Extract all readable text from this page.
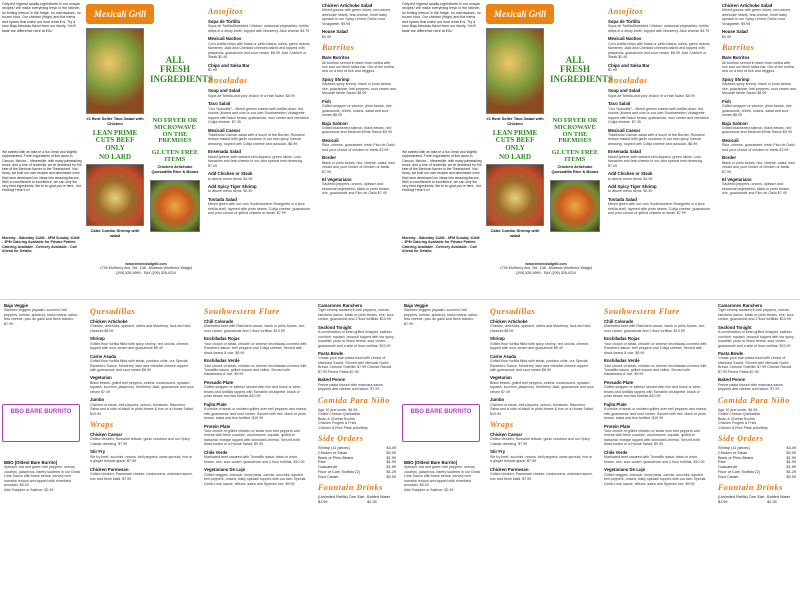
Only the highest quality ingredients in our unique recipes! We make everything fresh in the kitchen, no boiling lettuce in the fridge, no microwaves, no frozen food. Our chicken (thigh) and the herbs and spices that make our food what it is. Try a new Baja Mexican flavor from our family. You'll taste the difference here at Elio.
We started with an idea of a fun, fresh and slightly sophisticated. Fresh ingredients of fish tacos in Cancun, Mexico... Meanwhile, with many painstaking hours, and a love of creativity, we've searched for the best of the Mexican flavors in the 'Restaurant'. Not fancy, we built our own recipes and developed ones that have developed our ideas into amazing flavors. With a commitment to excellence, we can only the very best ingredients. We're so glad you're here - the Holding! Here it is!
Monday - Saturday 11AM - 8PM Sunday 11AM - 3PM Catering Available for Private Parties. Catering Available - Delivery Available - Call Ahead for Details.
Mexicali Grill
ALL FRESH INGREDIENTS
#1 Best Seller Taco Salad with Chicken
LEAN PRIME CUTS BEEF ONLY
Chicken Artichoke Quesadilla Rice & Beans
NO LARD
NO FRYER OR MICROWAVE ON THE PREMISES
GLUTEN FREE ITEMS
Cabo Combo Shrimp with salad
www.elmexicaligrill.com
1700 McHenry Ave, Ste. 138 - Modesto (McHenry Village)
(209) 526-9999 - FAX (209) 526-0224
Antojitos
Sopa de Tortilla
Sopa de TortillaShredded Chicken, seasonal vegetables, tortilla strips in a zesty broth, topped with Monterey Jack cheese $4.79
Mexicali Nachos
Corn tortilla chips with black or pinto beans, salsa, green onions, Monterey Jack and Cheddar cheeses baked and topped with jalapenos, guacamole and sour cream. $6.99. Add Chicken or Steak $2.49
Chips and Salsa Bar
$1.99
Ensaladas
Soup and Salad
Sopa de Tortilla and your choice of a Half Salad. $8.99
Taco Salad
"Our Specialty" - Mixed greens tossed with tortilla chips, red onions, jicama and corn in our own Southwestern Vinaigrette topped with black beans, guacamole, sour cream and crumbled Cotija cheese. $7.49
Mexicali Caesar
Traditional Caesar salad with a touch of the Border. Romaine lettuce tossed with garlic croutons in our own spicy Caesar dressing, topped with Cotija cheese and avocado. $6.99
Ensenada Salad
Mixed greens with roasted bell peppers, green olives, corn, tomatoes and feta cheese in our own special herb dressing. $7.49
Add Chicken or Steak
to above menu items. $1.99
Add Spicy Tiger Shrimp
to above menu items. $2.49
Tostada Salad
Mixed green with our own Southwestern Vinaigrette in a flour tortilla shell, layered with pinto beans, Cotija cheese, guacamole and your choice of grilled chicken or steak. $7.99
Chicken Artichoke Salad
Mixed greens with green olives, red onions, artichoke hearts, feta cheese, fresh baby spinach in our Spicy Lemon Garlic Lime Vinaigrette. $9.99
House Salad
$4.99
Burritos
Bare Burritos
All burritos served in warm flour tortilla with rice and our fresh salsa bar. Out of the tortilla and on a bed of rice and veggies.
Spicy Shrimp
Sauteed spicy shrimp, black or pinto beans, rice, guacamole, bell peppers, sour cream and Mexicali White Sauce $8.99
Fish
Grilled snapper or salmon, pinto beans, rice, guacamole, chiles, onions, salsa and sour cream $8.99
Baja Salmon
Grilled blackened salmon, black beans, rice, guacamole and Mexicali White Sauce $9.99
Mexicali
Rice, cheese, guacamole, fresh Pico de Gallo and your choice of chicken or steak $7.99
Border
Black or pinto beans, rice, cheese, salsa, sour cream and your choice of chicken or steak $7.99
El Vegetariano
Sauteed peppers, onions, spinach and seasonal vegetables, black or pinto beans, rice, guacamole and Pico de Gallo $7.49
Only the highest quality ingredients in our unique recipes! We make everything fresh in the kitchen, no boiling lettuce in the fridge, no microwaves, no frozen food. Our chicken (thigh) and the herbs and spices that make our food what it is. Try a new Baja Mexican flavor from our family. You'll taste the difference here at Elio.
We started with an idea of a fun, fresh and slightly sophisticated. Fresh ingredients of fish tacos in Cancun, Mexico... Meanwhile, with many painstaking hours, and a love of creativity, we've searched for the best of the Mexican flavors in the 'Restaurant'. Not fancy, we built our own recipes and developed ones that have developed our ideas into amazing flavors. With a commitment to excellence, we can only the very best ingredients. We're so glad you're here - the Holding! Here it is!
Monday - Saturday 11AM - 8PM Sunday 11AM - 3PM Catering Available for Private Parties. Catering Available - Delivery Available - Call Ahead for Details.
Mexicali Grill
ALL FRESH INGREDIENTS
#1 Best Seller Taco Salad with Chicken
LEAN PRIME CUTS BEEF ONLY
Chicken Artichoke Quesadilla Rice & Beans
NO LARD
NO FRYER OR MICROWAVE ON THE PREMISES
GLUTEN FREE ITEMS
Cabo Combo Shrimp with salad
www.elmexicaligrill.com
1700 McHenry Ave, Ste. 138 - Modesto (McHenry Village)
(209) 526-9999 - FAX (209) 526-0224
Antojitos
Sopa de Tortilla
Sopa de TortillaShredded Chicken, seasonal vegetables, tortilla strips in a zesty broth, topped with Monterey Jack cheese $4.79
Mexicali Nachos
Corn tortilla chips with black or pinto beans, salsa, green onions, Monterey Jack and Cheddar cheeses baked and topped with jalapenos, guacamole and sour cream. $6.99. Add Chicken or Steak $2.49
Chips and Salsa Bar
$1.99
Ensaladas
Soup and Salad
Sopa de Tortilla and your choice of a Half Salad. $8.99
Taco Salad
"Our Specialty" - Mixed greens tossed with tortilla chips, red onions, jicama and corn in our own Southwestern Vinaigrette topped with black beans, guacamole, sour cream and crumbled Cotija cheese. $7.49
Mexicali Caesar
Traditional Caesar salad with a touch of the Border. Romaine lettuce tossed with garlic croutons in our own spicy Caesar dressing, topped with Cotija cheese and avocado. $6.99
Ensenada Salad
Mixed greens with roasted bell peppers, green olives, corn, tomatoes and feta cheese in our own special herb dressing. $7.49
Add Chicken or Steak
to above menu items. $1.99
Add Spicy Tiger Shrimp
to above menu items. $2.49
Tostada Salad
Mixed green with our own Southwestern Vinaigrette in a flour tortilla shell, layered with pinto beans, Cotija cheese, guacamole and your choice of grilled chicken or steak. $7.99
Chicken Artichoke Salad
Mixed greens with green olives, red onions, artichoke hearts, feta cheese, fresh baby spinach in our Spicy Lemon Garlic Lime Vinaigrette. $9.99
House Salad
$4.99
Burritos
Bare Burritos
All burritos served in warm flour tortilla with rice and our fresh salsa bar. Out of the tortilla and on a bed of rice and veggies.
Spicy Shrimp
Sauteed spicy shrimp, black or pinto beans, rice, guacamole, bell peppers, sour cream and Mexicali White Sauce $8.99
Fish
Grilled snapper or salmon, pinto beans, rice, guacamole, chiles, onions, salsa and sour cream $8.99
Baja Salmon
Grilled blackened salmon, black beans, rice, guacamole and Mexicali White Sauce $9.99
Mexicali
Rice, cheese, guacamole, fresh Pico de Gallo and your choice of chicken or steak $7.99
Border
Black or pinto beans, rice, cheese, salsa, sour cream and your choice of chicken or steak $7.99
El Vegetariano
Sauteed peppers, onions, spinach and seasonal vegetables, black or pinto beans, rice, guacamole and Pico de Gallo $7.49
Baja Veggie
Sauteed veggies (squash, zucchini, bell peppers, onions, spinach), black beans, salsa, feta cheese, pico de gallo and fresh cilantro $7.99
BBO BARE BURRITO
BBO (Oldest Bare Burrito)
Spinach, red and green bell peppers, onions, zucchini, jalapenos, barely sauteed in our Garlic Lime Sauce with black beans, served over romaine lettuce and topped with shredded avocado. $8.49
Add Snapper or Salmon: $2.49
Quesadillas
Chicken Artichoke
Chicken, artichoke, spinach, olives and Monterey Jack and feta cheeses $8.99
Shrimp
Grilled flour tortilla filled with spicy shrimp, red onions, cheese, topped with sour cream and guacamole $9.49
Carne Asada
Grilled flour tortilla filled with steak, poblano chile, our Special Ranchero Sauce, Monterey Jack and cheddar cheese topped with guacamole and sour cream $8.99
Vegetarian
Black beans, grilled bell peppers, onions, mushrooms, spinach, squash, zucchini, jalapenos, Monterey Jack, guacamole and sour cream $7.49
Jumbo
Chicken or steak, bell peppers, onions, tomatoes, Ranchero Salsa and a side of black or pinto beans & rice or a House Salad. $10.99
Wraps
Chicken Caesar
Grilled chicken, Romaine lettuce, garlic croutons and our Spicy Caesar dressing. $7.99
Stir Fry
Stir fry beef, zucchini, onions, bell peppers, bean sprouts, rice in a ginger teriyaki glaze. $7.99
Chicken Parmesan
Grilled chicken, Parmesan cheese, mushrooms, marinara sauce, rice and fresh basil. $7.99
Southwestern Flare
Chili Colorado
Marinated beef with Ranchero sauce, black or pinto beans, rice, sour cream, guacamole and 2 flour tortillas. $10.99
Enchiladas Rojas
Your choice of steak, chicken or cheese enchiladas covered with Ranchero sauce, bell peppers and Cotija cheese. Served with black beans & rice. $9.99
Enchiladas Verde
Your choice of steak, chicken or cheese enchiladas covered with Tomatillo sauce, grilled onions and chiles. Served with blackbeans & rice. $9.99
Pescado Plate
Grilled snapper or salmon served with rice and black or pinto beans and tortillas topped with Tomatillo vinaigrette, black or pinto beans and two tortillas $10.99
Fajita Plate
A choice of steak or chicken grilled over bell peppers and onions with guacamole and sour cream. Served with rice, black or pinto beans, salsa and two tortillas. $10.99
Protein Plate
Your choice of grilled chicken or steak over bell peppers and onions with fresh zucchini, mushrooms, squash, grilled in balsamic vinegar topped with shredded cheese. Served with black beans or a House Salad. $9.99
Chile Verde
Marinated beef sauteed with Tomatillo salsa, black or pinto beans, rice, sour cream, guacamole and 2 flour tortillas. $10.99
Vegetariano De Lujo
Grilled veggies, broccoli, snow peas, carrots, zucchini, squash, bell peppers, onions, baby spinach topped with our own Special Garlic Lime sauce, lettuce, salsa and Spanish rice. $9.99
Camarones Ranchero
Tiger shrimp sautéed in bell peppers, onions, ranchero sauce, black or pinto beans, rice, sour cream, guacamole and 2 flour tortillas. $10.99
Seafood Tonight
A combination of fresh grilled snapper, salmon, zucchini, squash, broccoli topped with our spicy tomatillo, pinto or black beans, sour cream, guacamole and a side of flour tortillas. $15.99
Pasta Bowls
Create your own pasta bowl with choice of Marinara Sauce. Served with Mexicali Garlic Bread. Cheese Tortellini $7.99 Cheese Ravioli $7.99 Penne Pasta $7.99
Baked Penne
Penne pasta tossed with marinara sauce, peppers and cheese and baked. $7.99
Comida Para Niño
Age 10 and under. $4.99
Grilled Cheese Quesadilla
Bean & Cheese Burrito
Chicken Fingers & Fries
Chicken & Rice Plate w/tortillas
Side Orders
Shrimp (11 pieces)	$3.49
Chicken or Steak	$2.99
Black or Pinto Beans	$1.99
Rice	$1.99
Guacamole	$1.99
Flour or Corn Tortillas (2)	$1.29
Sour Cream	$0.99
Fountain Drinks
(Unlimited Refills) One Size $1.99
Bottled Water $1.29
Baja Veggie
Sauteed veggies (squash, zucchini, bell peppers, onions, spinach), black beans, salsa, feta cheese, pico de gallo and fresh cilantro $7.99
BBO BARE BURRITO
BBO (Oldest Bare Burrito)
Spinach, red and green bell peppers, onions, zucchini, jalapenos, barely sauteed in our Garlic Lime Sauce with black beans, served over romaine lettuce and topped with shredded avocado. $8.49
Add Snapper or Salmon: $2.49
Quesadillas
Chicken Artichoke
Chicken, artichoke, spinach, olives and Monterey Jack and feta cheeses $8.99
Shrimp
Grilled flour tortilla filled with spicy shrimp, red onions, cheese, topped with sour cream and guacamole $9.49
Carne Asada
Grilled flour tortilla filled with steak, poblano chile, our Special Ranchero Sauce, Monterey Jack and cheddar cheese topped with guacamole and sour cream $8.99
Vegetarian
Black beans, grilled bell peppers, onions, mushrooms, spinach, squash, zucchini, jalapenos, Monterey Jack, guacamole and sour cream $7.49
Jumbo
Chicken or steak, bell peppers, onions, tomatoes, Ranchero Salsa and a side of black or pinto beans & rice or a House Salad. $10.99
Wraps
Chicken Caesar
Grilled chicken, Romaine lettuce, garlic croutons and our Spicy Caesar dressing. $7.99
Stir Fry
Stir fry beef, zucchini, onions, bell peppers, bean sprouts, rice in a ginger teriyaki glaze. $7.99
Chicken Parmesan
Grilled chicken, Parmesan cheese, mushrooms, marinara sauce, rice and fresh basil. $7.99
Southwestern Flare
Chili Colorado
Marinated beef with Ranchero sauce, black or pinto beans, rice, sour cream, guacamole and 2 flour tortillas. $10.99
Enchiladas Rojas
Your choice of steak, chicken or cheese enchiladas covered with Ranchero sauce, bell peppers and Cotija cheese. Served with black beans & rice. $9.99
Enchiladas Verde
Your choice of steak, chicken or cheese enchiladas covered with Tomatillo sauce, grilled onions and chiles. Served with blackbeans & rice. $9.99
Pescado Plate
Grilled snapper or salmon served with rice and black or pinto beans and tortillas topped with Tomatillo vinaigrette, black or pinto beans and two tortillas $10.99
Fajita Plate
A choice of steak or chicken grilled over bell peppers and onions with guacamole and sour cream. Served with rice, black or pinto beans, salsa and two tortillas. $10.99
Protein Plate
Your choice of grilled chicken or steak over bell peppers and onions with fresh zucchini, mushrooms, squash, grilled in balsamic vinegar topped with shredded cheese. Served with black beans or a House Salad. $9.99
Chile Verde
Marinated beef sauteed with Tomatillo salsa, black or pinto beans, rice, sour cream, guacamole and 2 flour tortillas. $10.99
Vegetariano De Lujo
Grilled veggies, broccoli, snow peas, carrots, zucchini, squash, bell peppers, onions, baby spinach topped with our own Special Garlic Lime sauce, lettuce, salsa and Spanish rice. $9.99
Camarones Ranchero
Tiger shrimp sautéed in bell peppers, onions, ranchero sauce, black or pinto beans, rice, sour cream, guacamole and 2 flour tortillas. $10.99
Seafood Tonight
A combination of fresh grilled snapper, salmon, zucchini, squash, broccoli topped with our spicy tomatillo, pinto or black beans, sour cream, guacamole and a side of flour tortillas. $15.99
Pasta Bowls
Create your own pasta bowl with choice of Marinara Sauce. Served with Mexicali Garlic Bread. Cheese Tortellini $7.99 Cheese Ravioli $7.99 Penne Pasta $7.99
Baked Penne
Penne pasta tossed with marinara sauce, peppers and cheese and baked. $7.99
Comida Para Niño
Age 10 and under. $4.99
Grilled Cheese Quesadilla
Bean & Cheese Burrito
Chicken Fingers & Fries
Chicken & Rice Plate w/tortillas
Side Orders
Shrimp (11 pieces)	$3.49
Chicken or Steak	$2.99
Black or Pinto Beans	$1.99
Rice	$1.99
Guacamole	$1.99
Flour or Corn Tortillas (2)	$1.29
Sour Cream	$0.99
Fountain Drinks
(Unlimited Refills) One Size $1.99
Bottled Water $1.29
